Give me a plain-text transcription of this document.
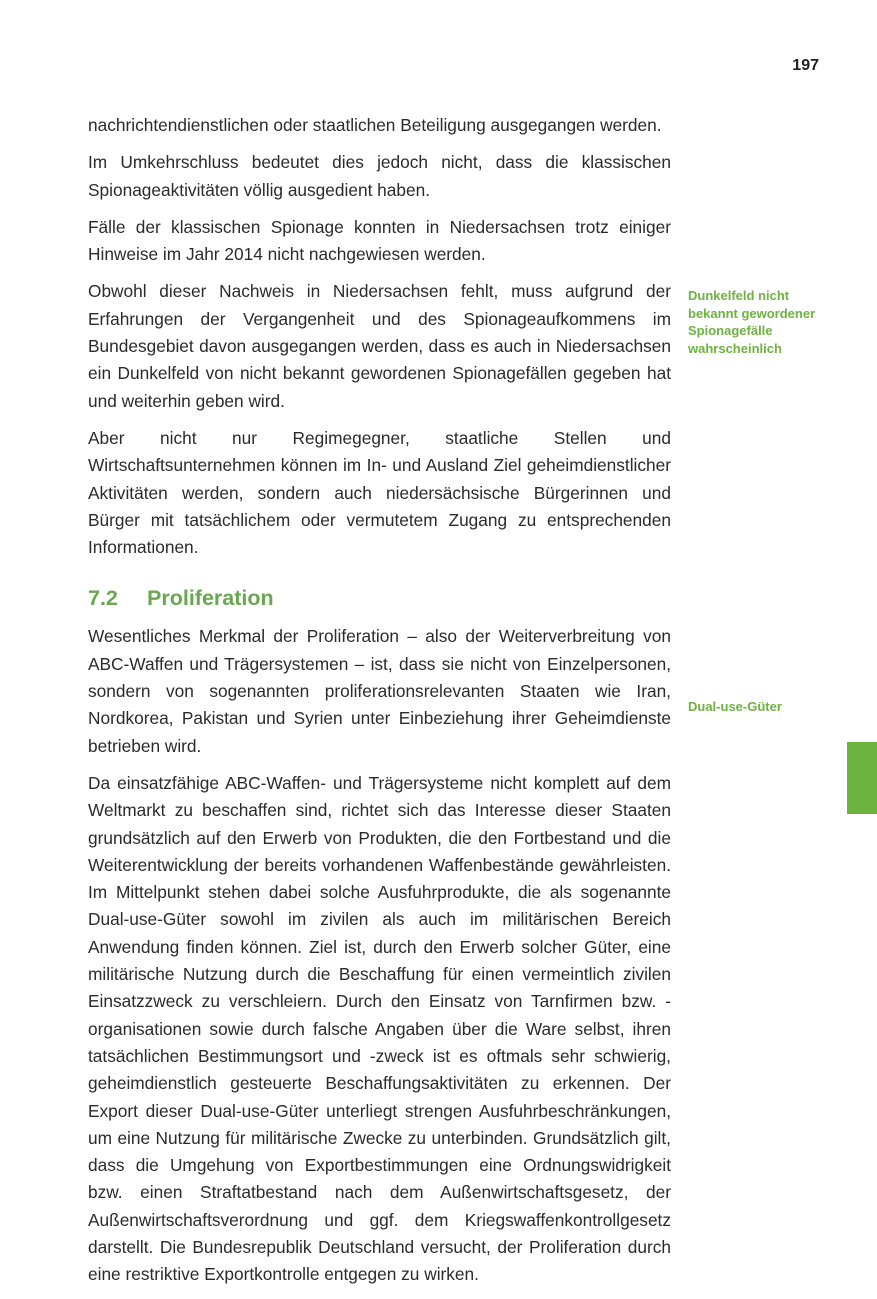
197

nachrichtendienstlichen oder staatlichen Beteiligung ausgegangen werden.

Im Umkehrschluss bedeutet dies jedoch nicht, dass die klassischen Spionageaktivitäten völlig ausgedient haben.

Fälle der klassischen Spionage konnten in Niedersachsen trotz einiger Hinweise im Jahr 2014 nicht nachgewiesen werden.

Obwohl dieser Nachweis in Niedersachsen fehlt, muss aufgrund der Erfahrungen der Vergangenheit und des Spionageaufkommens im Bundesgebiet davon ausgegangen werden, dass es auch in Niedersachsen ein Dunkelfeld von nicht bekannt gewordenen Spionagefällen gegeben hat und weiterhin geben wird.

Aber nicht nur Regimegegner, staatliche Stellen und Wirtschaftsunternehmen können im In- und Ausland Ziel geheimdienstlicher Aktivitäten werden, sondern auch niedersächsische Bürgerinnen und Bürger mit tatsächlichem oder vermutetem Zugang zu entsprechenden Informationen.

7.2 Proliferation

Wesentliches Merkmal der Proliferation – also der Weiterverbreitung von ABC-Waffen und Trägersystemen – ist, dass sie nicht von Einzelpersonen, sondern von sogenannten proliferationsrelevanten Staaten wie Iran, Nordkorea, Pakistan und Syrien unter Einbeziehung ihrer Geheimdienste betrieben wird.

Da einsatzfähige ABC-Waffen- und Trägersysteme nicht komplett auf dem Weltmarkt zu beschaffen sind, richtet sich das Interesse dieser Staaten grundsätzlich auf den Erwerb von Produkten, die den Fortbestand und die Weiterentwicklung der bereits vorhandenen Waffenbestände gewährleisten. Im Mittelpunkt stehen dabei solche Ausfuhrprodukte, die als sogenannte Dual-use-Güter sowohl im zivilen als auch im militärischen Bereich Anwendung finden können. Ziel ist, durch den Erwerb solcher Güter, eine militärische Nutzung durch die Beschaffung für einen vermeintlich zivilen Einsatzzweck zu verschleiern. Durch den Einsatz von Tarnfirmen bzw. -organisationen sowie durch falsche Angaben über die Ware selbst, ihren tatsächlichen Bestimmungsort und -zweck ist es oftmals sehr schwierig, geheimdienstlich gesteuerte Beschaffungsaktivitäten zu erkennen. Der Export dieser Dual-use-Güter unterliegt strengen Ausfuhrbeschränkungen, um eine Nutzung für militärische Zwecke zu unterbinden. Grundsätzlich gilt, dass die Umgehung von Exportbestimmungen eine Ordnungswidrigkeit bzw. einen Straftatbestand nach dem Außenwirtschaftsgesetz, der Außenwirtschaftsverordnung und ggf. dem Kriegswaffenkontrollgesetz darstellt. Die Bundesrepublik Deutschland versucht, der Proliferation durch eine restriktive Exportkontrolle entgegen zu wirken.

Dunkelfeld nicht bekannt gewordener Spionagefälle wahrscheinlich
Dual-use-Güter
